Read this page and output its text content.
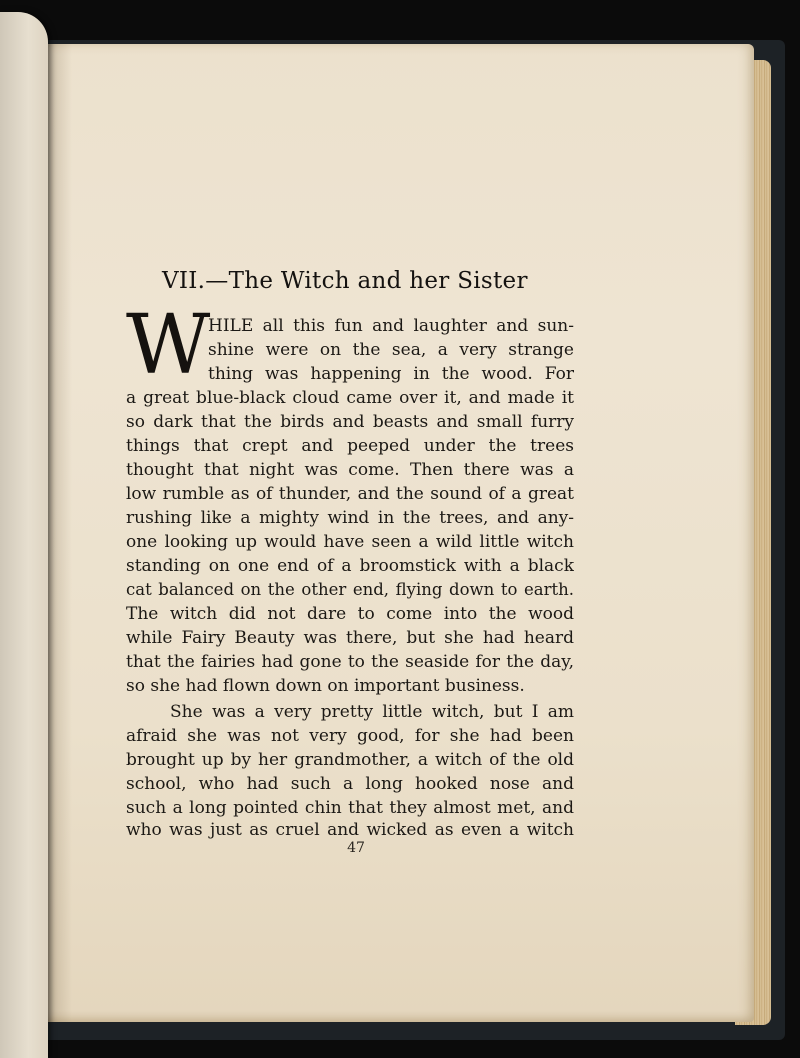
VII.—The Witch and her Sister
W
HILE all this fun and laughter and sun-
shine were on the sea, a very strange
thing was happening in the wood. For
a great blue-black cloud came over it, and made it
so dark that the birds and beasts and small furry
things that crept and peeped under the trees
thought that night was come. Then there was a
low rumble as of thunder, and the sound of a great
rushing like a mighty wind in the trees, and any-
one looking up would have seen a wild little witch
standing on one end of a broomstick with a black
cat balanced on the other end, flying down to earth.
The witch did not dare to come into the wood
while Fairy Beauty was there, but she had heard
that the fairies had gone to the seaside for the day,
so she had flown down on important business.
She was a very pretty little witch, but I am
afraid she was not very good, for she had been
brought up by her grandmother, a witch of the old
school, who had such a long hooked nose and
such a long pointed chin that they almost met, and
who was just as cruel and wicked as even a witch
47
